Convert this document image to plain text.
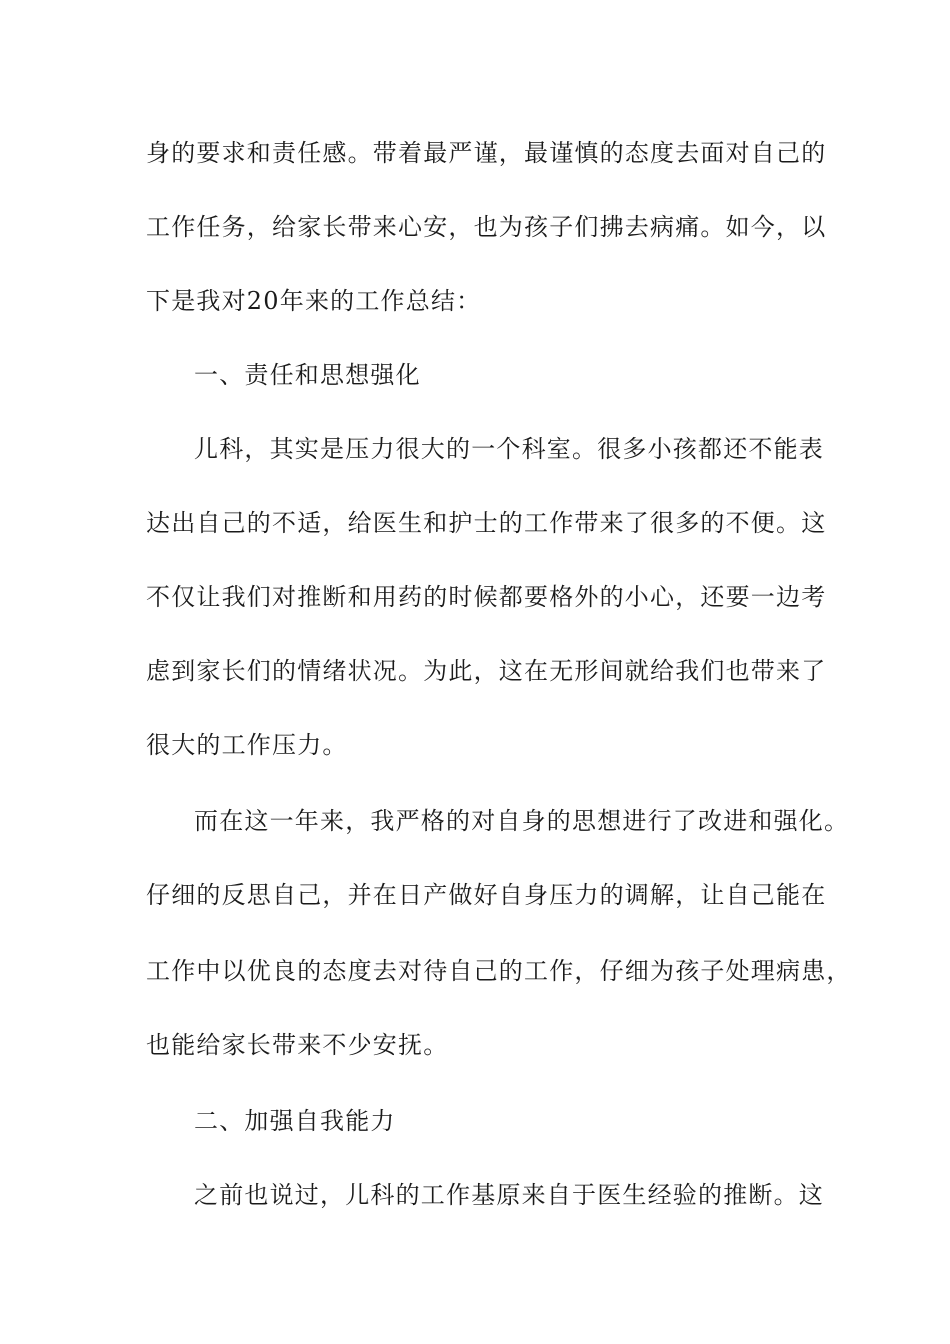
身的要求和责任感。带着最严谨，最谨慎的态度去面对自己的
工作任务，给家长带来心安，也为孩子们拂去病痛。如今，以
下是我对20年来的工作总结：
一、责任和思想强化
儿科，其实是压力很大的一个科室。很多小孩都还不能表
达出自己的不适，给医生和护士的工作带来了很多的不便。这
不仅让我们对推断和用药的时候都要格外的小心，还要一边考
虑到家长们的情绪状况。为此，这在无形间就给我们也带来了
很大的工作压力。
而在这一年来，我严格的对自身的思想进行了改进和强化。
仔细的反思自己，并在日产做好自身压力的调解，让自己能在
工作中以优良的态度去对待自己的工作，仔细为孩子处理病患，
也能给家长带来不少安抚。
二、加强自我能力
之前也说过，儿科的工作基原来自于医生经验的推断。这
